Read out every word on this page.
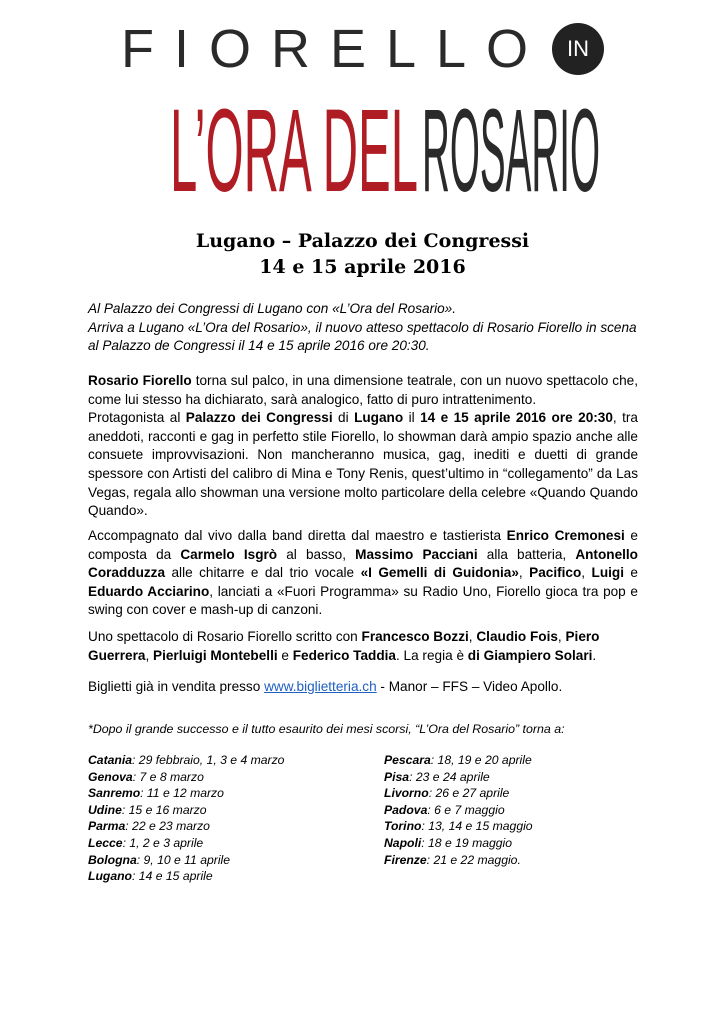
FIORELLO IN
L’ORA DEL ROSARIO
Lugano – Palazzo dei Congressi
14 e 15 aprile 2016

Al Palazzo dei Congressi di Lugano con «L’Ora del Rosario».

Arriva a Lugano «L’Ora del Rosario», il nuovo atteso spettacolo di Rosario Fiorello in scena al Palazzo de Congressi il 14 e 15 aprile 2016 ore 20:30.

Rosario Fiorello torna sul palco, in una dimensione teatrale, con un nuovo spettacolo che, come lui stesso ha dichiarato, sarà analogico, fatto di puro intrattenimento.

Protagonista al Palazzo dei Congressi di Lugano il 14 e 15 aprile 2016 ore 20:30, tra aneddoti, racconti e gag in perfetto stile Fiorello, lo showman darà ampio spazio anche alle consuete improvvisazioni. Non mancheranno musica, gag, inediti e duetti di grande spessore con Artisti del calibro di Mina e Tony Renis, quest’ultimo in “collegamento” da Las Vegas, regala allo showman una versione molto particolare della celebre «Quando Quando Quando».

Accompagnato dal vivo dalla band diretta dal maestro e tastierista Enrico Cremonesi e composta da Carmelo Isgrò al basso, Massimo Pacciani alla batteria, Antonello Coradduzza alle chitarre e dal trio vocale «I Gemelli di Guidonia», Pacifico, Luigi e Eduardo Acciarino, lanciati a «Fuori Programma» su Radio Uno, Fiorello gioca tra pop e swing con cover e mash-up di canzoni.

Uno spettacolo di Rosario Fiorello scritto con Francesco Bozzi, Claudio Fois, Piero Guerrera, Pierluigi Montebelli e Federico Taddia. La regia è di Giampiero Solari.

Biglietti già in vendita presso www.biglietteria.ch - Manor – FFS – Video Apollo.
*Dopo il grande successo e il tutto esaurito dei mesi scorsi, “L’Ora del Rosario” torna a:
Catania: 29 febbraio, 1, 3 e 4 marzo
Genova: 7 e 8 marzo
Sanremo: 11 e 12 marzo
Udine: 15 e 16 marzo
Parma: 22 e 23 marzo
Lecce: 1, 2 e 3 aprile
Bologna: 9, 10 e 11 aprile
Lugano: 14 e 15 aprile
Pescara: 18, 19 e 20 aprile
Pisa: 23 e 24 aprile
Livorno: 26 e 27 aprile
Padova: 6 e 7 maggio
Torino: 13, 14 e 15 maggio
Napoli: 18 e 19 maggio
Firenze: 21 e 22 maggio.
